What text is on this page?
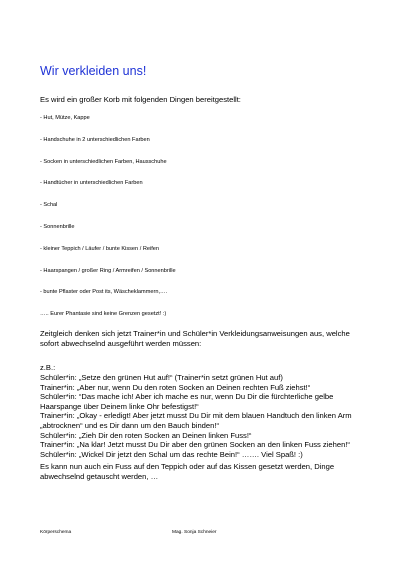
Wir verkleiden uns!
Es wird ein großer Korb mit folgenden Dingen bereitgestellt:
- Hut, Mütze, Kappe
- Handschuhe in 2 unterschiedlichen Farben
- Socken in unterschiedlichen Farben, Hausschuhe
- Handtücher in unterschiedlichen Farben
- Schal
- Sonnenbrille
- kleiner Teppich / Läufer / bunte Kissen / Reifen
- Haarspangen / großer Ring / Armreifen / Sonnenbrille
- bunte Pflaster oder Post its, Wäscheklammern,….
….. Eurer Phantasie sind keine Grenzen gesetzt! :)

Zeitgleich denken sich jetzt Trainer*in und Schüler*in Verkleidungsanweisungen aus, welche sofort abwechselnd ausgeführt werden müssen:

z.B.:
Schüler*in: „Setze den grünen Hut auf!“ (Trainer*in setzt grünen Hut auf)
Trainer*in: „Aber nur, wenn Du den roten Socken an Deinen rechten Fuß ziehst!“
Schüler*in: “Das mache ich! Aber ich mache es nur, wenn Du Dir die fürchterliche gelbe Haarspange über Deinem linke Ohr befestigst!“
Trainer*in: „Okay - erledigt! Aber jetzt musst Du Dir mit dem blauen Handtuch den linken Arm „abtrocknen“ und es Dir dann um den Bauch binden!“
Schüler*in: „Zieh Dir den roten Socken an Deinen linken Fuss!“
Trainer*in: „Na klar! Jetzt musst Du Dir aber den grünen Socken an den linken Fuss ziehen!“
Schüler*in: „Wickel Dir jetzt den Schal um das rechte Bein!“ ……. Viel Spaß! :)

Es kann nun auch ein Fuss auf den Teppich oder auf das Kissen gesetzt werden, Dinge abwechselnd getauscht werden, …

Körperschema	Mag. Sonja Schneier
